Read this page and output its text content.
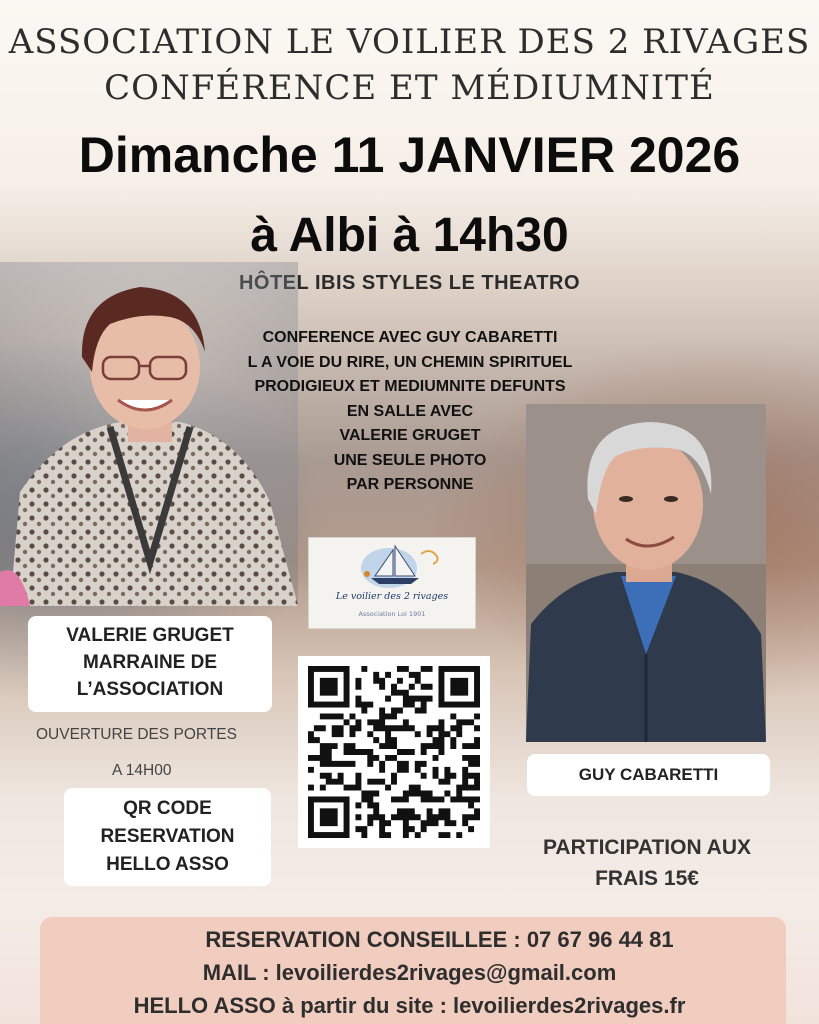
ASSOCIATION LE VOILIER DES 2 RIVAGES
CONFÉRENCE ET MÉDIUMNITÉ
Dimanche 11 JANVIER 2026
à Albi à 14h30
HÔTEL IBIS STYLES LE THEATRO
CONFERENCE AVEC GUY CABARETTI
L A VOIE DU RIRE, UN CHEMIN SPIRITUEL
PRODIGIEUX ET MEDIUMNITE DEFUNTS
EN SALLE AVEC
VALERIE GRUGET
UNE SEULE PHOTO
PAR PERSONNE
Le voilier des 2 rivages
Association Loi 1901
VALERIE GRUGET
MARRAINE DE
L’ASSOCIATION
OUVERTURE DES PORTES
A 14H00
QR CODE
RESERVATION
HELLO ASSO
GUY CABARETTI
PARTICIPATION AUX
FRAIS 15€
RESERVATION CONSEILLEE : 07 67 96 44 81
MAIL : levoilierdes2rivages@gmail.com
HELLO ASSO à partir du site : levoilierdes2rivages.fr
